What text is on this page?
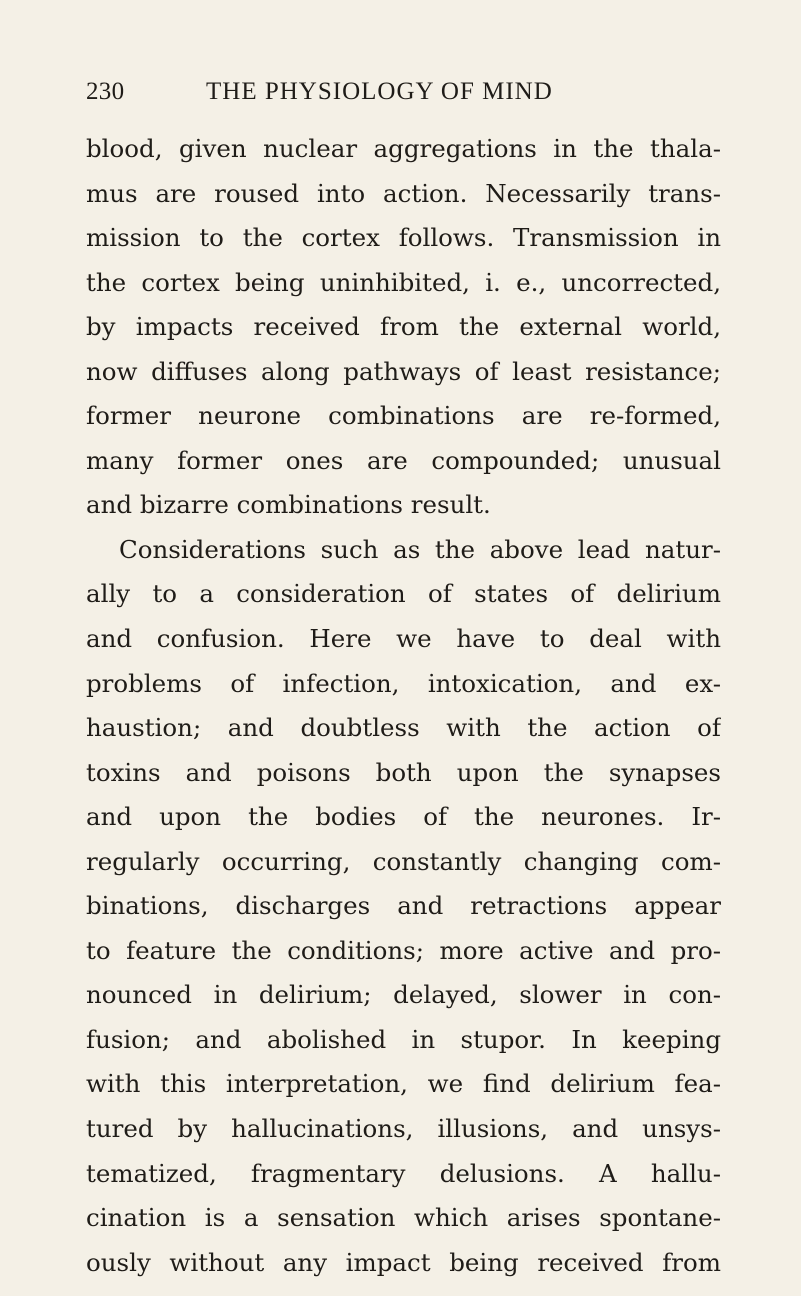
230	THE PHYSIOLOGY OF MIND
blood, given nuclear aggregations in the thala-
mus are roused into action. Necessarily trans-
mission to the cortex follows. Transmission in
the cortex being uninhibited, i. e., uncorrected,
by impacts received from the external world,
now diffuses along pathways of least resistance;
former neurone combinations are re-formed,
many former ones are compounded; unusual
and bizarre combinations result.
Considerations such as the above lead natur-
ally to a consideration of states of delirium
and confusion. Here we have to deal with
problems of infection, intoxication, and ex-
haustion; and doubtless with the action of
toxins and poisons both upon the synapses
and upon the bodies of the neurones. Ir-
regularly occurring, constantly changing com-
binations, discharges and retractions appear
to feature the conditions; more active and pro-
nounced in delirium; delayed, slower in con-
fusion; and abolished in stupor. In keeping
with this interpretation, we find delirium fea-
tured by hallucinations, illusions, and unsys-
tematized, fragmentary delusions. A hallu-
cination is a sensation which arises spontane-
ously without any impact being received from
